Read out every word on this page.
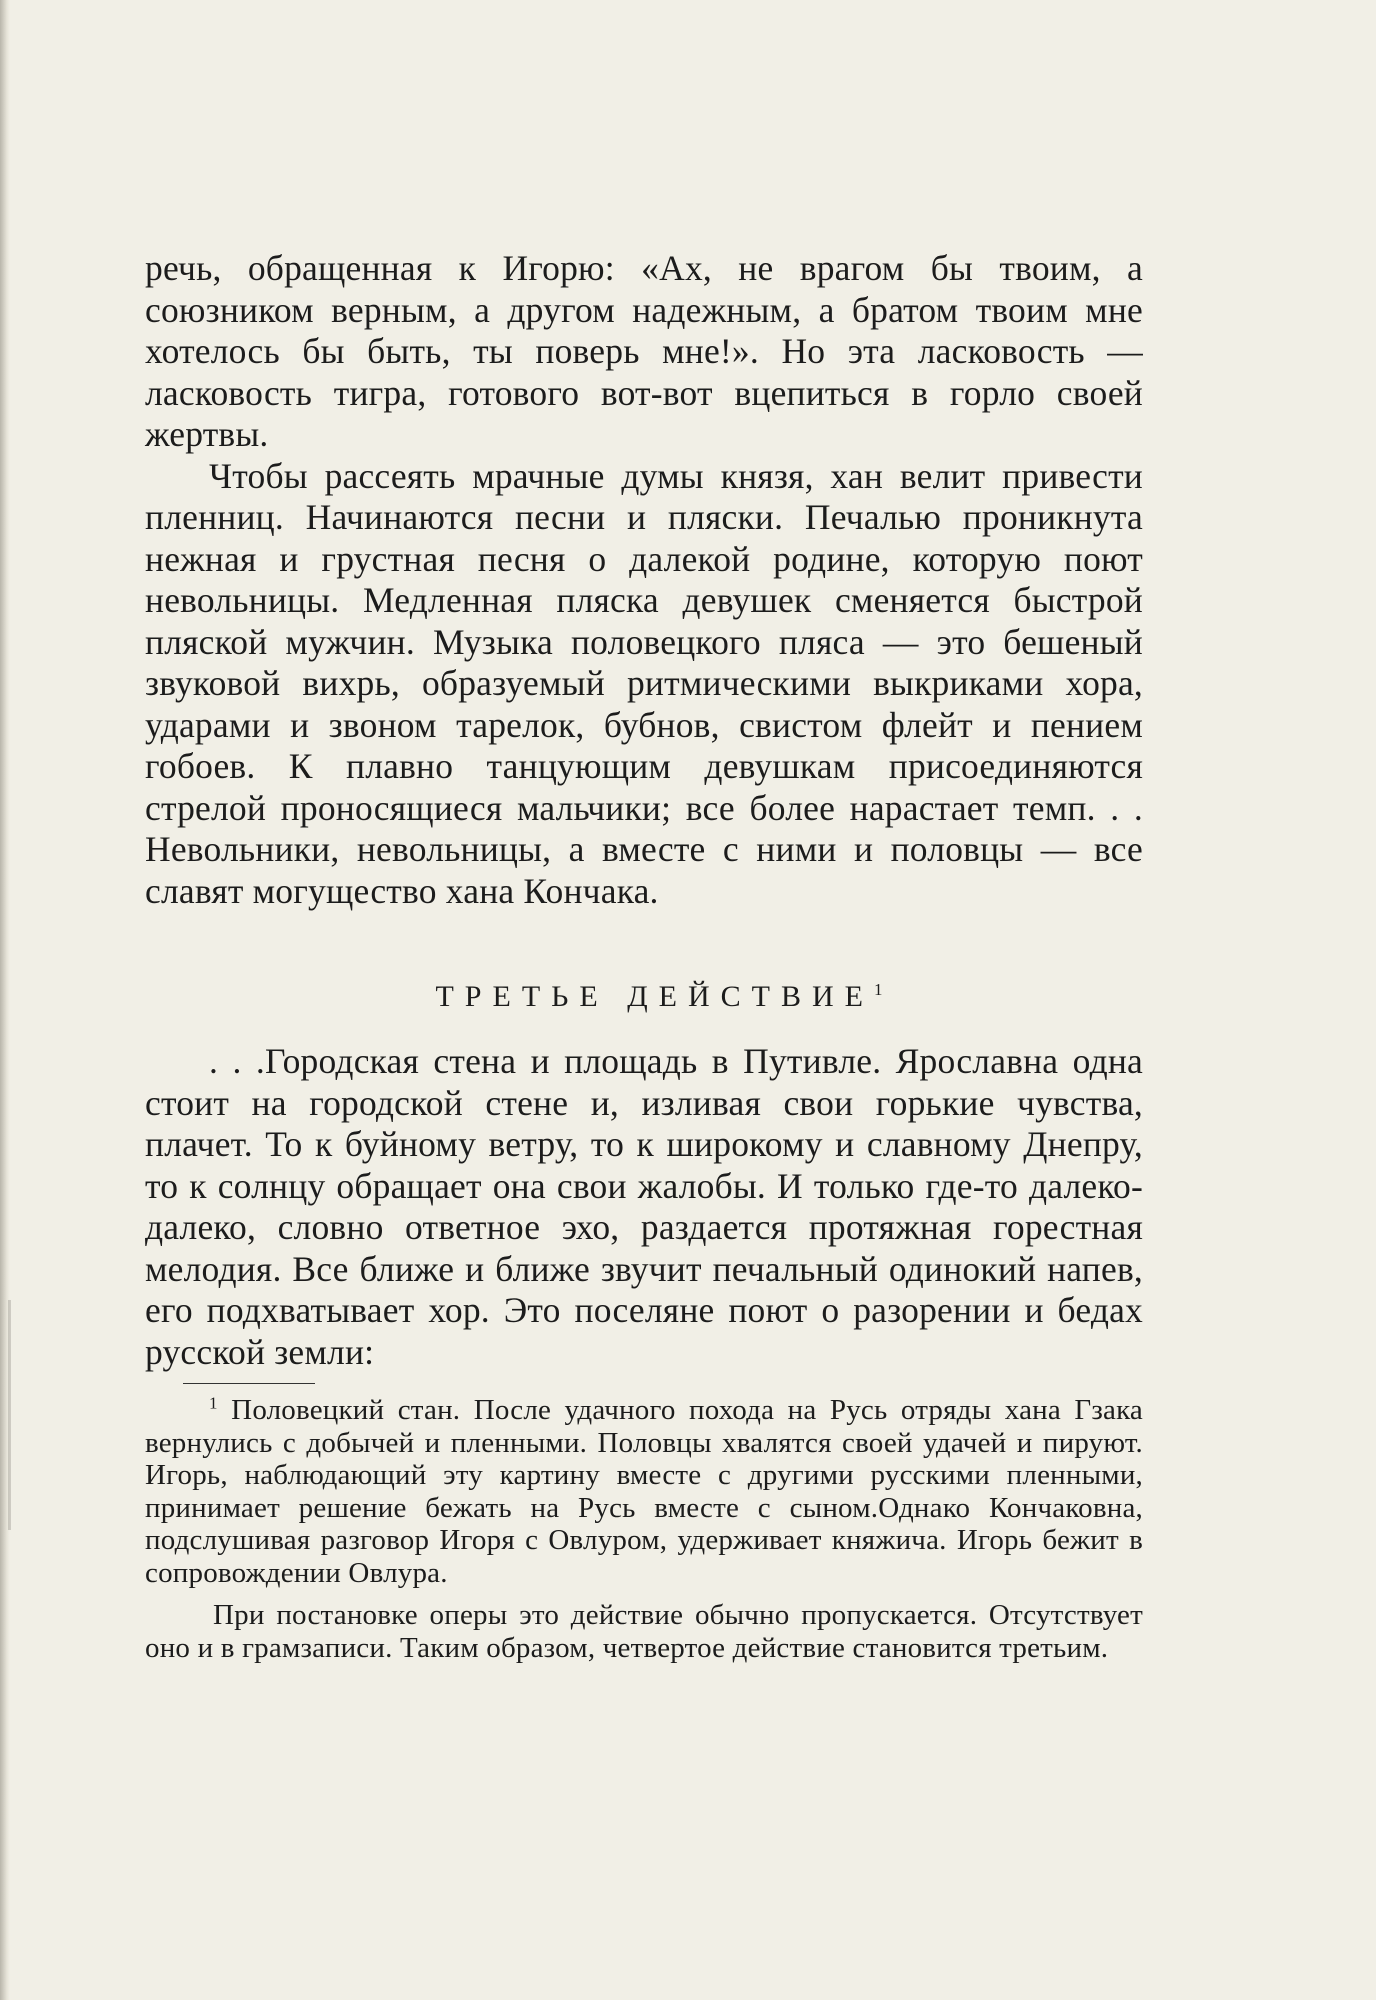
речь, обращенная к Игорю: «Ах, не врагом бы твоим, а союзником верным, а другом надежным, а братом твоим мне хотелось бы быть, ты поверь мне!». Но эта ласковость — ласковость тигра, готового вот-вот вцепиться в горло своей жертвы.

Чтобы рассеять мрачные думы князя, хан велит привести пленниц. Начинаются песни и пляски. Печалью проникнута нежная и грустная песня о далекой родине, которую поют невольницы. Медленная пляска девушек сменяется быстрой пляской мужчин. Музыка половецкого пляса — это бешеный звуковой вихрь, образуемый ритмическими выкриками хора, ударами и звоном тарелок, бубнов, свистом флейт и пением гобоев. К плавно танцующим девушкам присоединяются стрелой проносящиеся мальчики; все более нарастает темп. . . Невольники, невольницы, а вместе с ними и половцы — все славят могущество хана Кончака.

ТРЕТЬЕ ДЕЙСТВИЕ$^1$

. . .Городская стена и площадь в Путивле. Ярославна одна стоит на городской стене и, изливая свои горькие чувства, плачет. То к буйному ветру, то к широкому и славному Днепру, то к солнцу обращает она свои жалобы. И только где-то далеко-далеко, словно ответное эхо, раздается протяжная горестная мелодия. Все ближе и ближе звучит печальный одинокий напев, его подхватывает хор. Это поселяне поют о разорении и бедах русской земли:

$^1$ Половецкий стан. После удачного похода на Русь отряды хана Гзака вернулись с добычей и пленными. Половцы хвалятся своей удачей и пируют. Игорь, наблюдающий эту картину вместе с другими русскими пленными, принимает решение бежать на Русь вместе с сыном.Однако Кончаковна, подслушивая разговор Игоря с Овлуром, удерживает княжича. Игорь бежит в сопровождении Овлура.

При постановке оперы это действие обычно пропускается. Отсутствует оно и в грамзаписи. Таким образом, четвертое действие становится третьим.
